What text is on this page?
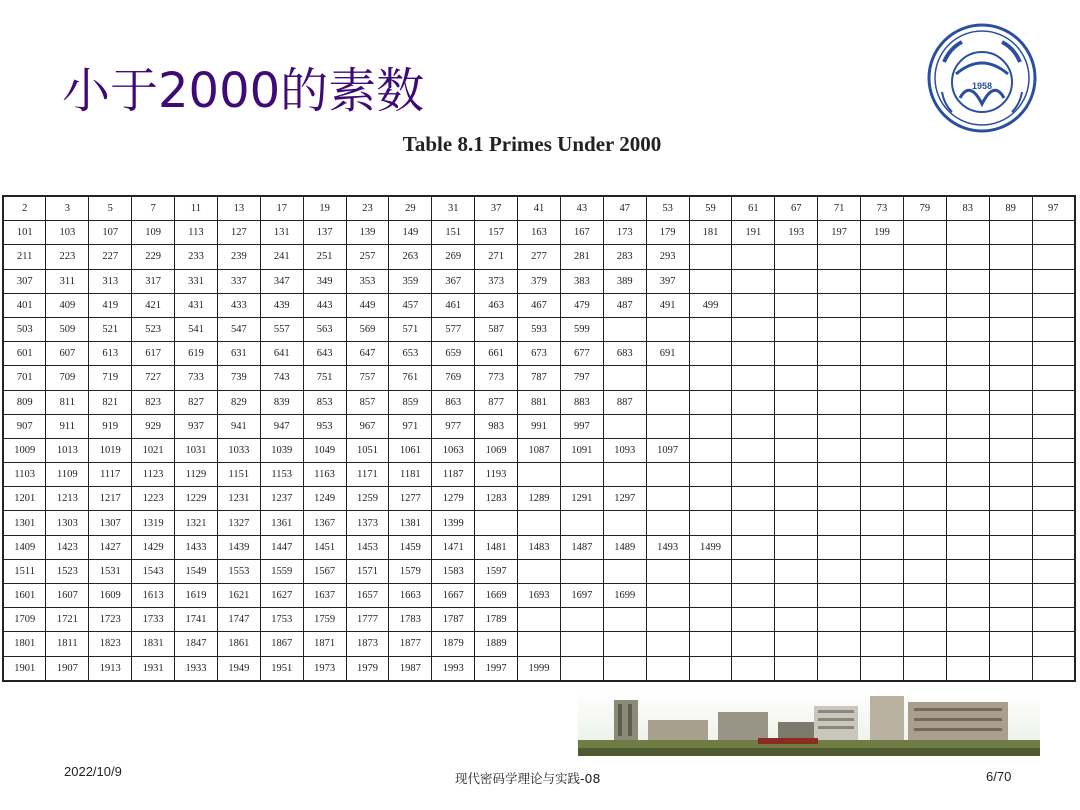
小于2000的素数	1958
Table 8.1 Primes Under 2000
2	3	5	7	11	13	17	19	23	29	31	37	41	43	47	53	59	61	67	71	73	79	83	89	97
101	103	107	109	113	127	131	137	139	149	151	157	163	167	173	179	181	191	193	197	199				
211	223	227	229	233	239	241	251	257	263	269	271	277	281	283	293									
307	311	313	317	331	337	347	349	353	359	367	373	379	383	389	397									
401	409	419	421	431	433	439	443	449	457	461	463	467	479	487	491	499								
503	509	521	523	541	547	557	563	569	571	577	587	593	599											
601	607	613	617	619	631	641	643	647	653	659	661	673	677	683	691									
701	709	719	727	733	739	743	751	757	761	769	773	787	797											
809	811	821	823	827	829	839	853	857	859	863	877	881	883	887										
907	911	919	929	937	941	947	953	967	971	977	983	991	997											
1009	1013	1019	1021	1031	1033	1039	1049	1051	1061	1063	1069	1087	1091	1093	1097									
1103	1109	1117	1123	1129	1151	1153	1163	1171	1181	1187	1193													
1201	1213	1217	1223	1229	1231	1237	1249	1259	1277	1279	1283	1289	1291	1297										
1301	1303	1307	1319	1321	1327	1361	1367	1373	1381	1399														
1409	1423	1427	1429	1433	1439	1447	1451	1453	1459	1471	1481	1483	1487	1489	1493	1499								
1511	1523	1531	1543	1549	1553	1559	1567	1571	1579	1583	1597													
1601	1607	1609	1613	1619	1621	1627	1637	1657	1663	1667	1669	1693	1697	1699										
1709	1721	1723	1733	1741	1747	1753	1759	1777	1783	1787	1789													
1801	1811	1823	1831	1847	1861	1867	1871	1873	1877	1879	1889													
1901	1907	1913	1931	1933	1949	1951	1973	1979	1987	1993	1997	1999												
2022/10/9	现代密码学理论与实践-08	6/70
